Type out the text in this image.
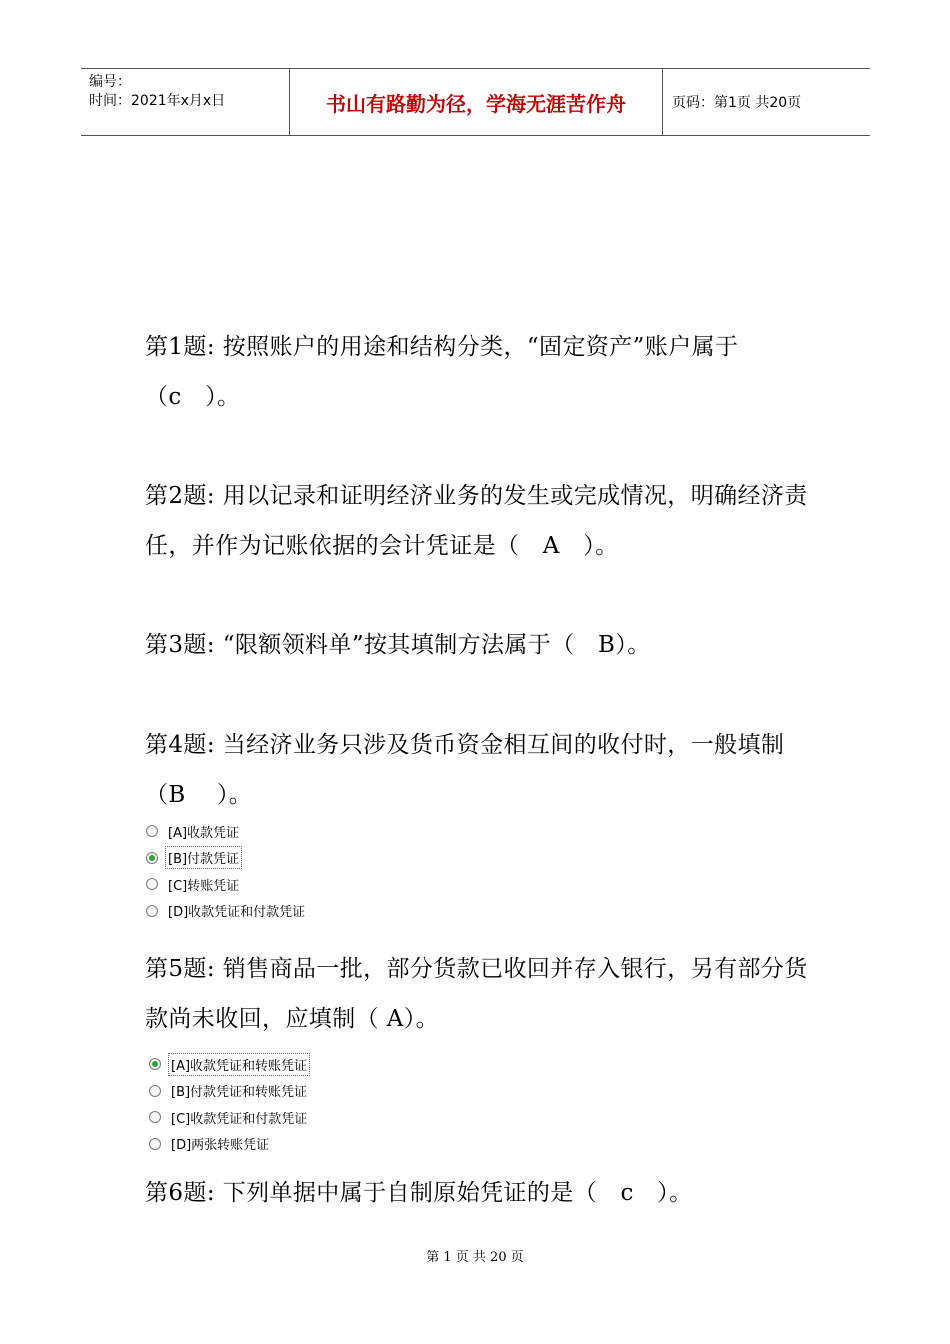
编号：
时间：2021年x月x日	书山有路勤为径，学海无涯苦作舟	页码：第1页 共20页

第1题: 按照账户的用途和结构分类，“固定资产”账户属于（c　）。

第2题: 用以记录和证明经济业务的发生或完成情况，明确经济责任，并作为记账依据的会计凭证是（　A　）。

第3题: “限额领料单”按其填制方法属于（　B）。

第4题: 当经济业务只涉及货币资金相互间的收付时，一般填制（B　 ）。

[A]收款凭证
[B]付款凭证
[C]转账凭证
[D]收款凭证和付款凭证

第5题: 销售商品一批，部分货款已收回并存入银行，另有部分货款尚未收回，应填制（ A）。

[A]收款凭证和转账凭证
[B]付款凭证和转账凭证
[C]收款凭证和付款凭证
[D]两张转账凭证

第6题: 下列单据中属于自制原始凭证的是（　c　）。

第 1 页 共 20 页
